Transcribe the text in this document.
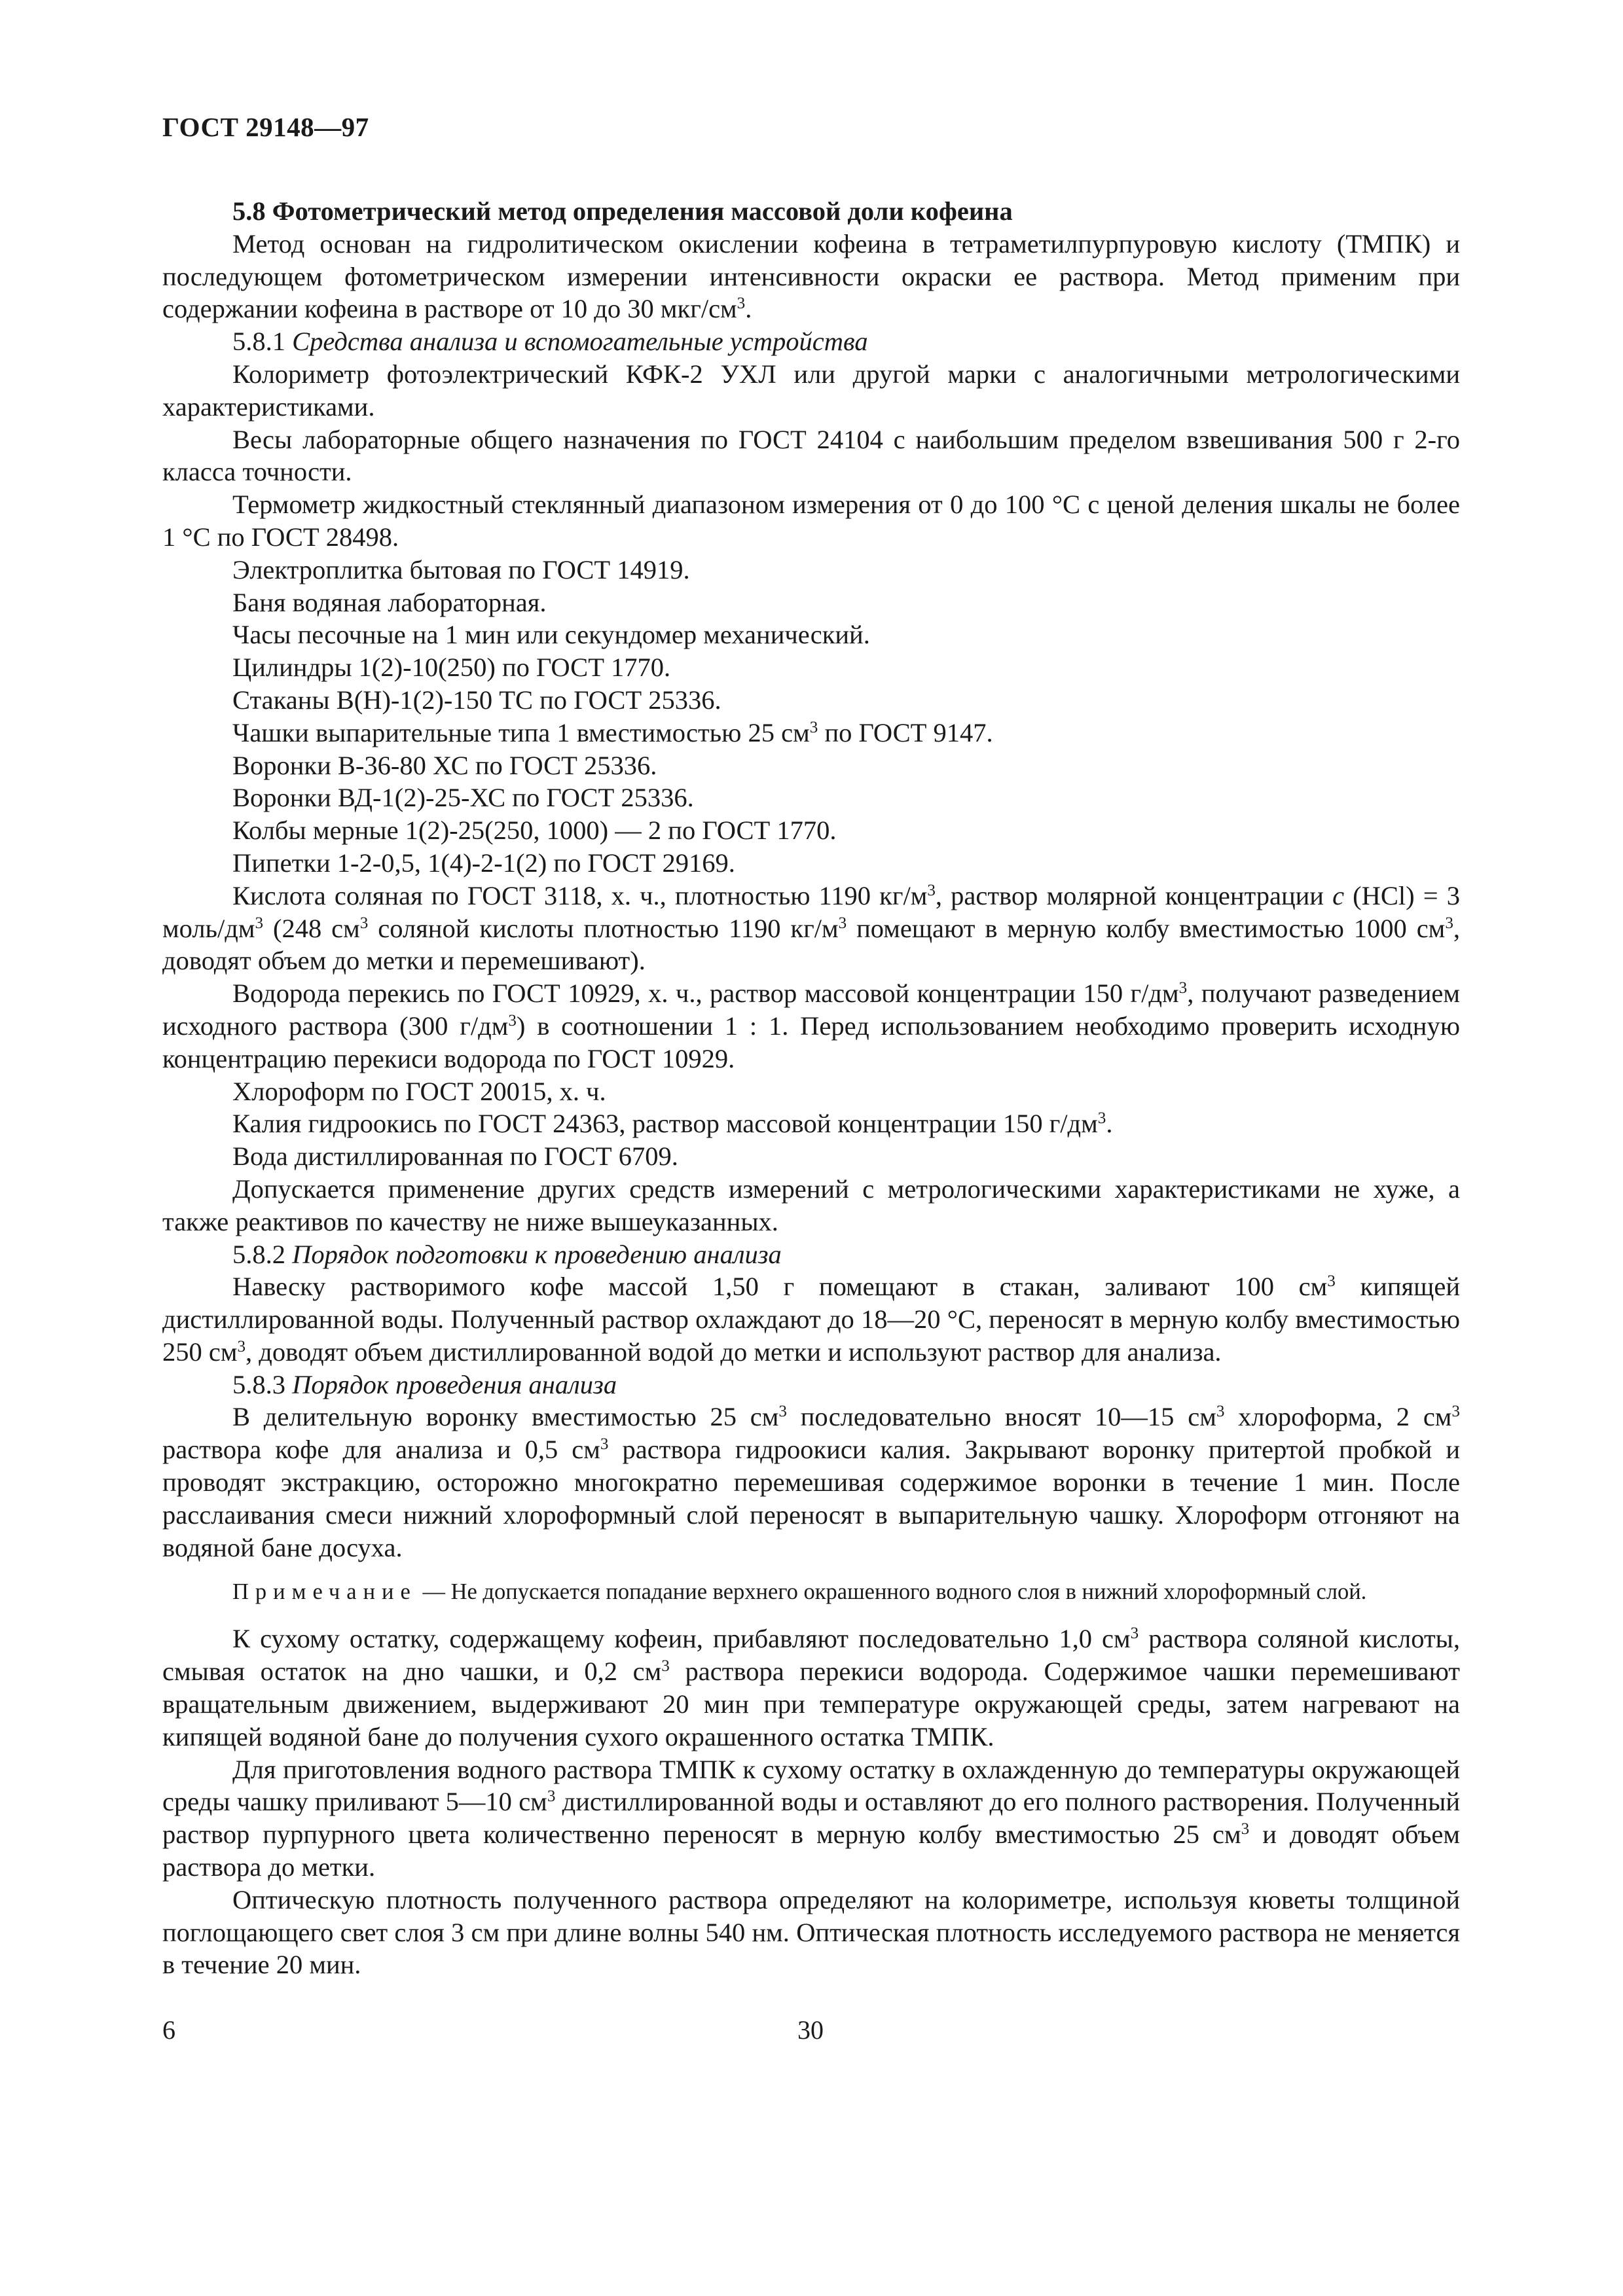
ГОСТ 29148—97

5.8 Фотометрический метод определения массовой доли кофеина

Метод основан на гидролитическом окислении кофеина в тетраметилпурпуровую кислоту (ТМПК) и последующем фотометрическом измерении интенсивности окраски ее раствора. Метод применим при содержании кофеина в растворе от 10 до 30 мкг/$см^3$.

5.8.1 Средства анализа и вспомогательные устройства

Колориметр фотоэлектрический КФК-2 УХЛ или другой марки с аналогичными метрологическими характеристиками.

Весы лабораторные общего назначения по ГОСТ 24104 с наибольшим пределом взвешивания 500 г 2-го класса точности.

Термометр жидкостный стеклянный диапазоном измерения от 0 до 100 °С с ценой деления шкалы не более 1 °С по ГОСТ 28498.

Электроплитка бытовая по ГОСТ 14919.

Баня водяная лабораторная.

Часы песочные на 1 мин или секундомер механический.

Цилиндры 1(2)-10(250) по ГОСТ 1770.

Стаканы В(Н)-1(2)-150 ТС по ГОСТ 25336.

Чашки выпарительные типа 1 вместимостью 25 $см^3$ по ГОСТ 9147.

Воронки В-36-80 ХС по ГОСТ 25336.

Воронки ВД-1(2)-25-ХС по ГОСТ 25336.

Колбы мерные 1(2)-25(250, 1000) — 2 по ГОСТ 1770.

Пипетки 1-2-0,5, 1(4)-2-1(2) по ГОСТ 29169.

Кислота соляная по ГОСТ 3118, х. ч., плотностью 1190 $кг/м^3$, раствор молярной концентрации c (HCl) = 3 моль/$дм^3$ (248 $см^3$ соляной кислоты плотностью 1190 $кг/м^3$ помещают в мерную колбу вместимостью 1000 $см^3$, доводят объем до метки и перемешивают).

Водорода перекись по ГОСТ 10929, х. ч., раствор массовой концентрации 150 $г/дм^3$, получают разведением исходного раствора (300 $г/дм^3$) в соотношении 1 : 1. Перед использованием необходимо проверить исходную концентрацию перекиси водорода по ГОСТ 10929.

Хлороформ по ГОСТ 20015, х. ч.

Калия гидроокись по ГОСТ 24363, раствор массовой концентрации 150 $г/дм^3$.

Вода дистиллированная по ГОСТ 6709.

Допускается применение других средств измерений с метрологическими характеристиками не хуже, а также реактивов по качеству не ниже вышеуказанных.

5.8.2 Порядок подготовки к проведению анализа

Навеску растворимого кофе массой 1,50 г помещают в стакан, заливают 100 $см^3$ кипящей дистиллированной воды. Полученный раствор охлаждают до 18—20 °С, переносят в мерную колбу вместимостью 250 $см^3$, доводят объем дистиллированной водой до метки и используют раствор для анализа.

5.8.3 Порядок проведения анализа

В делительную воронку вместимостью 25 $см^3$ последовательно вносят 10—15 $см^3$ хлороформа, 2 $см^3$ раствора кофе для анализа и 0,5 $см^3$ раствора гидроокиси калия. Закрывают воронку притертой пробкой и проводят экстракцию, осторожно многократно перемешивая содержимое воронки в течение 1 мин. После расслаивания смеси нижний хлороформный слой переносят в выпарительную чашку. Хлороформ отгоняют на водяной бане досуха.

Примечание — Не допускается попадание верхнего окрашенного водного слоя в нижний хлороформный слой.

К сухому остатку, содержащему кофеин, прибавляют последовательно 1,0 $см^3$ раствора соляной кислоты, смывая остаток на дно чашки, и 0,2 $см^3$ раствора перекиси водорода. Содержимое чашки перемешивают вращательным движением, выдерживают 20 мин при температуре окружающей среды, затем нагревают на кипящей водяной бане до получения сухого окрашенного остатка ТМПК.

Для приготовления водного раствора ТМПК к сухому остатку в охлажденную до температуры окружающей среды чашку приливают 5—10 $см^3$ дистиллированной воды и оставляют до его полного растворения. Полученный раствор пурпурного цвета количественно переносят в мерную колбу вместимостью 25 $см^3$ и доводят объем раствора до метки.

Оптическую плотность полученного раствора определяют на колориметре, используя кюветы толщиной поглощающего свет слоя 3 см при длине волны 540 нм. Оптическая плотность исследуемого раствора не меняется в течение 20 мин.

6	30
